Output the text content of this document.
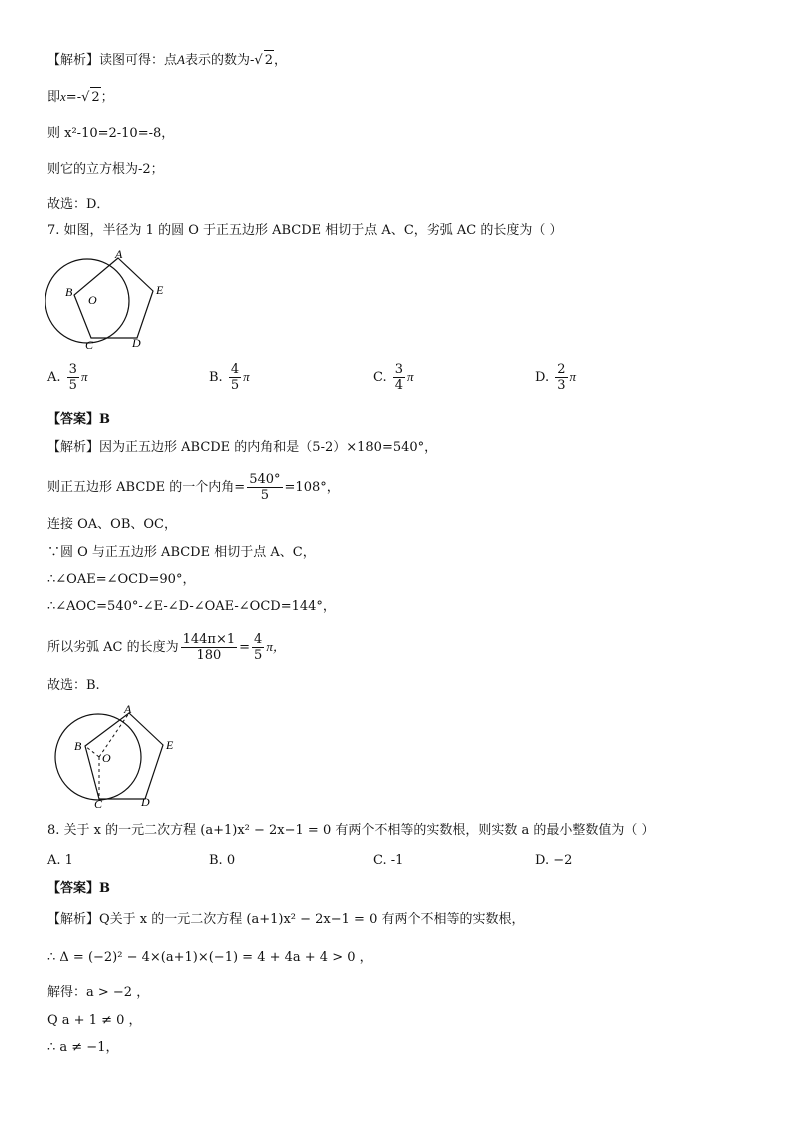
【解析】读图可得：点A表示的数为-√ 2，
即x=-√ 2；
则 x²-10=2-10=-8，
则它的立方根为-2；
故选：D．
7. 如图，半径为 1 的圆 O 于正五边形 ABCDE 相切于点 A、C，劣弧 AC 的长度为（ ）
A
B
O
C	D
E
A. $\frac{3}{5}$ π	B. $\frac{4}{5}$ π	C. $\frac{3}{4}$ π	D. $\frac{2}{3}$ π
【答案】B
【解析】因为正五边形 ABCDE 的内角和是（5-2）×180=540°，
则正五边形 ABCDE 的一个内角= $\frac{540^\circ}{5} =108^\circ$，
连接 OA、OB、OC，
∵圆 O 与正五边形 ABCDE 相切于点 A、C，
∴∠OAE=∠OCD=90°，
∴∠AOC=540°-∠E-∠D-∠OAE-∠OCD=144°，
所以劣弧 AC 的长度为 $\frac{144\pi\times 1}{180} = \frac{4}{5}$ π，
故选：B.
A
B
O
C	D
E
8. 关于 x 的一元二次方程 (a+1)x² − 2x−1 = 0 有两个不相等的实数根，则实数 a 的最小整数值为（ ）
A. 1	B. 0	C. -1	D. −2
【答案】B
【解析】Q关于 x 的一元二次方程 (a+1)x² − 2x−1 = 0 有两个不相等的实数根，
∴ Δ = (−2)² − 4×(a+1)×(−1) = 4 + 4a + 4 > 0 ，
解得：a > −2 ，
Q a + 1 ≠ 0 ，
∴ a ≠ −1，
